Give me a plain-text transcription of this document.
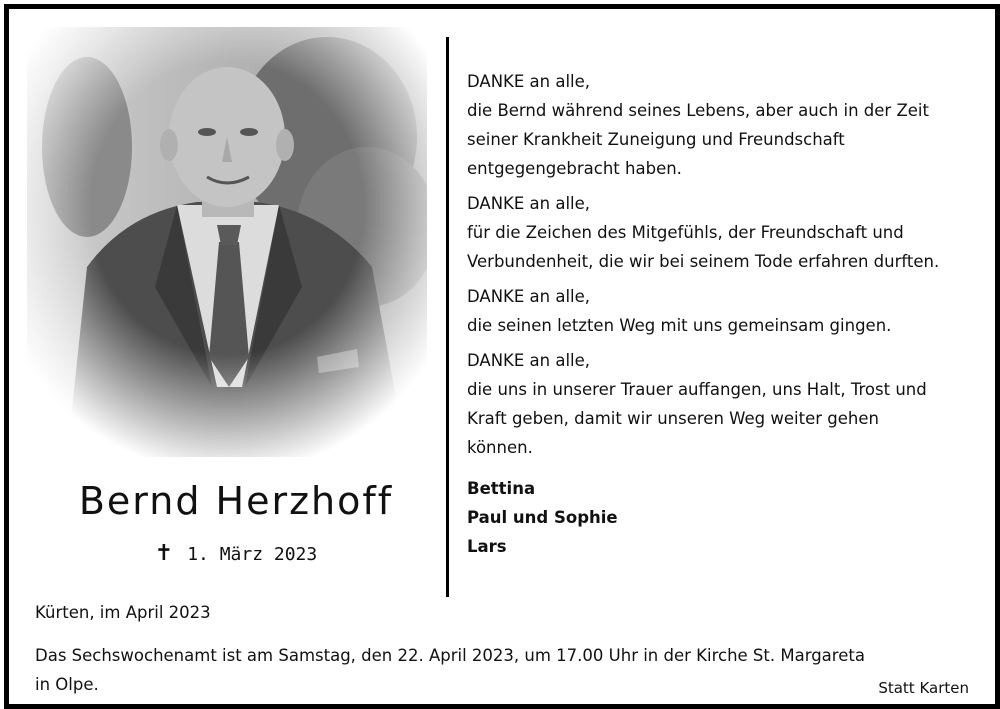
Bernd Herzhoff
✝ 1. März 2023
DANKE an alle,
die Bernd während seines Lebens, aber auch in der Zeit
seiner Krankheit Zuneigung und Freundschaft
entgegengebracht haben.
DANKE an alle,
für die Zeichen des Mitgefühls, der Freundschaft und
Verbundenheit, die wir bei seinem Tode erfahren durften.
DANKE an alle,
die seinen letzten Weg mit uns gemeinsam gingen.
DANKE an alle,
die uns in unserer Trauer auffangen, uns Halt, Trost und
Kraft geben, damit wir unseren Weg weiter gehen
können.
Bettina
Paul und Sophie
Lars
Kürten, im April 2023
Das Sechswochenamt ist am Samstag, den 22. April 2023, um 17.00 Uhr in der Kirche St. Margareta
in Olpe.	Statt Karten
